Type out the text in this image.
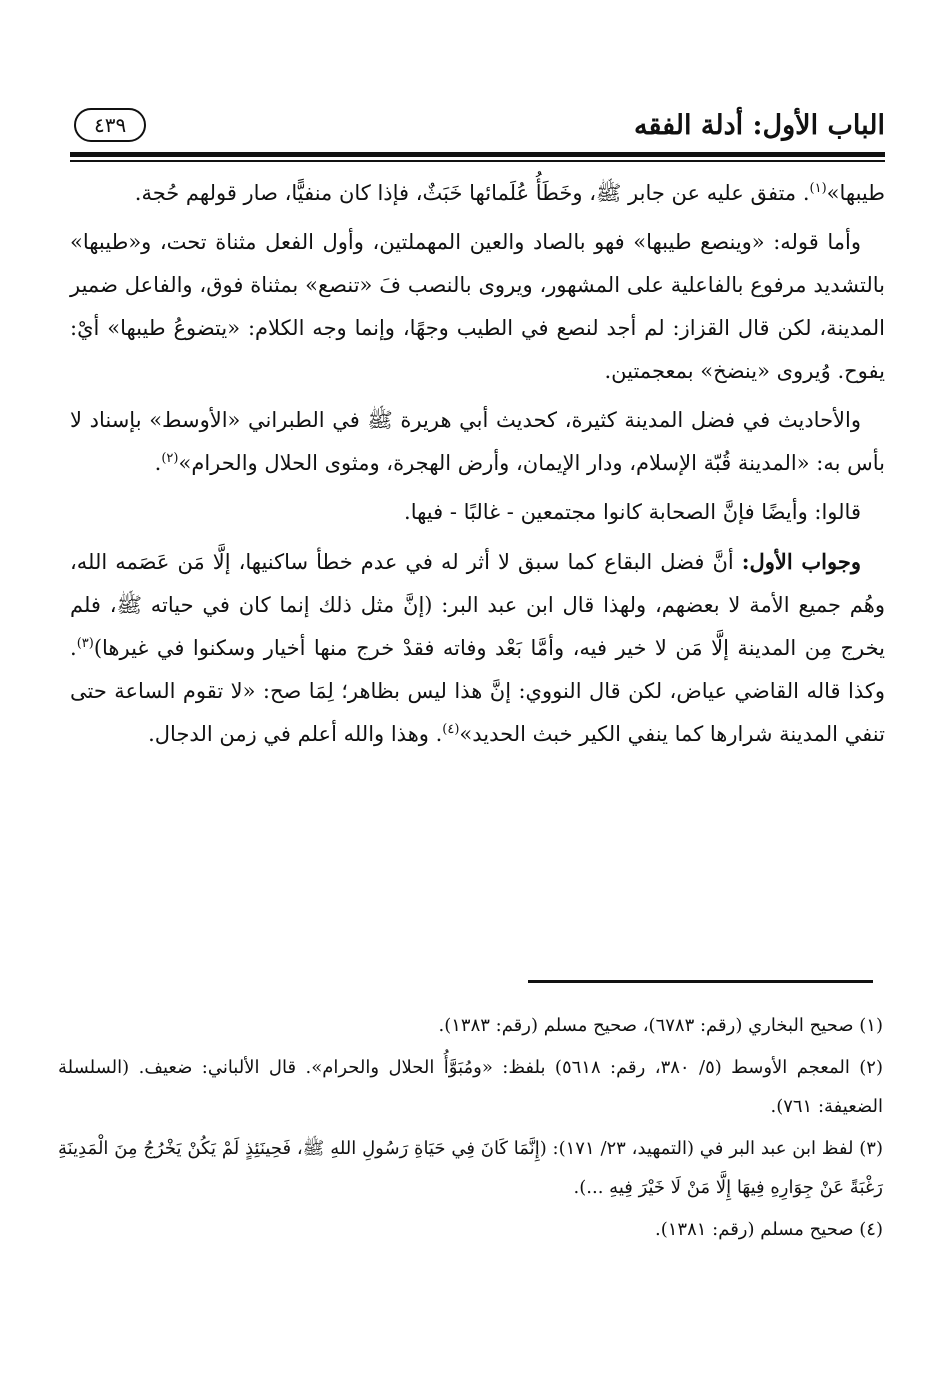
الباب الأول: أدلة الفقه
٤٣٩

طيبها»$^{(١)}$. متفق عليه عن جابر ﷺ، وخَطَأُ عُلَمائها خَبَثٌ، فإذا كان منفيًّا، صار قولهم حُجة.

وأما قوله: «وينصع طيبها» فهو بالصاد والعين المهملتين، وأول الفعل مثناة تحت، و«طيبها» بالتشديد مرفوع بالفاعلية على المشهور، ويروى بالنصب فَ «تنصع» بمثناة فوق، والفاعل ضمير المدينة، لكن قال القزاز: لم أجد لنصع في الطيب وجهًا، وإنما وجه الكلام: «يتضوعُ طيبها» أيْ: يفوح. وُيروى «ينضخ» بمعجمتين.

والأحاديث في فضل المدينة كثيرة، كحديث أبي هريرة ﷺ في الطبراني «الأوسط» بإسناد لا بأس به: «المدينة قُبّة الإسلام، ودار الإيمان، وأرض الهجرة، ومثوى الحلال والحرام»$^{(٢)}$.

قالوا: وأيضًا فإنَّ الصحابة كانوا مجتمعين - غالبًا - فيها.

وجواب الأول: أنَّ فضل البقاع كما سبق لا أثر له في عدم خطأ ساكنيها، إلَّا مَن عَصَمه الله، وهُم جميع الأمة لا بعضهم، ولهذا قال ابن عبد البر: (إنَّ مثل ذلك إنما كان في حياته ﷺ، فلم يخرج مِن المدينة إلَّا مَن لا خير فيه، وأمَّا بَعْد وفاته فقدْ خرج منها أخيار وسكنوا في غيرها)$^{(٣)}$. وكذا قاله القاضي عياض، لكن قال النووي: إنَّ هذا ليس بظاهر؛ لِمَا صح: «لا تقوم الساعة حتى تنفي المدينة شرارها كما ينفي الكير خبث الحديد»$^{(٤)}$. وهذا والله أعلم في زمن الدجال.

(١) صحيح البخاري (رقم: ٦٧٨٣)، صحيح مسلم (رقم: ١٣٨٣).

(٢) المعجم الأوسط (٥/ ٣٨٠، رقم: ٥٦١٨) بلفظ: «ومُبَوَّأُ الحلال والحرام». قال الألباني: ضعيف. (السلسلة الضعيفة: ٧٦١).

(٣) لفظ ابن عبد البر في (التمهيد، ٢٣/ ١٧١): (إِنَّمَا كَانَ فِي حَيَاةِ رَسُولِ اللهِ ﷺ، فَحِينَئِذٍ لَمْ يَكُنْ يَخْرُجُ مِنَ الْمَدِينَةِ رَغْبَةً عَنْ جِوَارِهِ فِيهَا إِلَّا مَنْ لَا خَيْرَ فِيهِ ...).

(٤) صحيح مسلم (رقم: ١٣٨١).
